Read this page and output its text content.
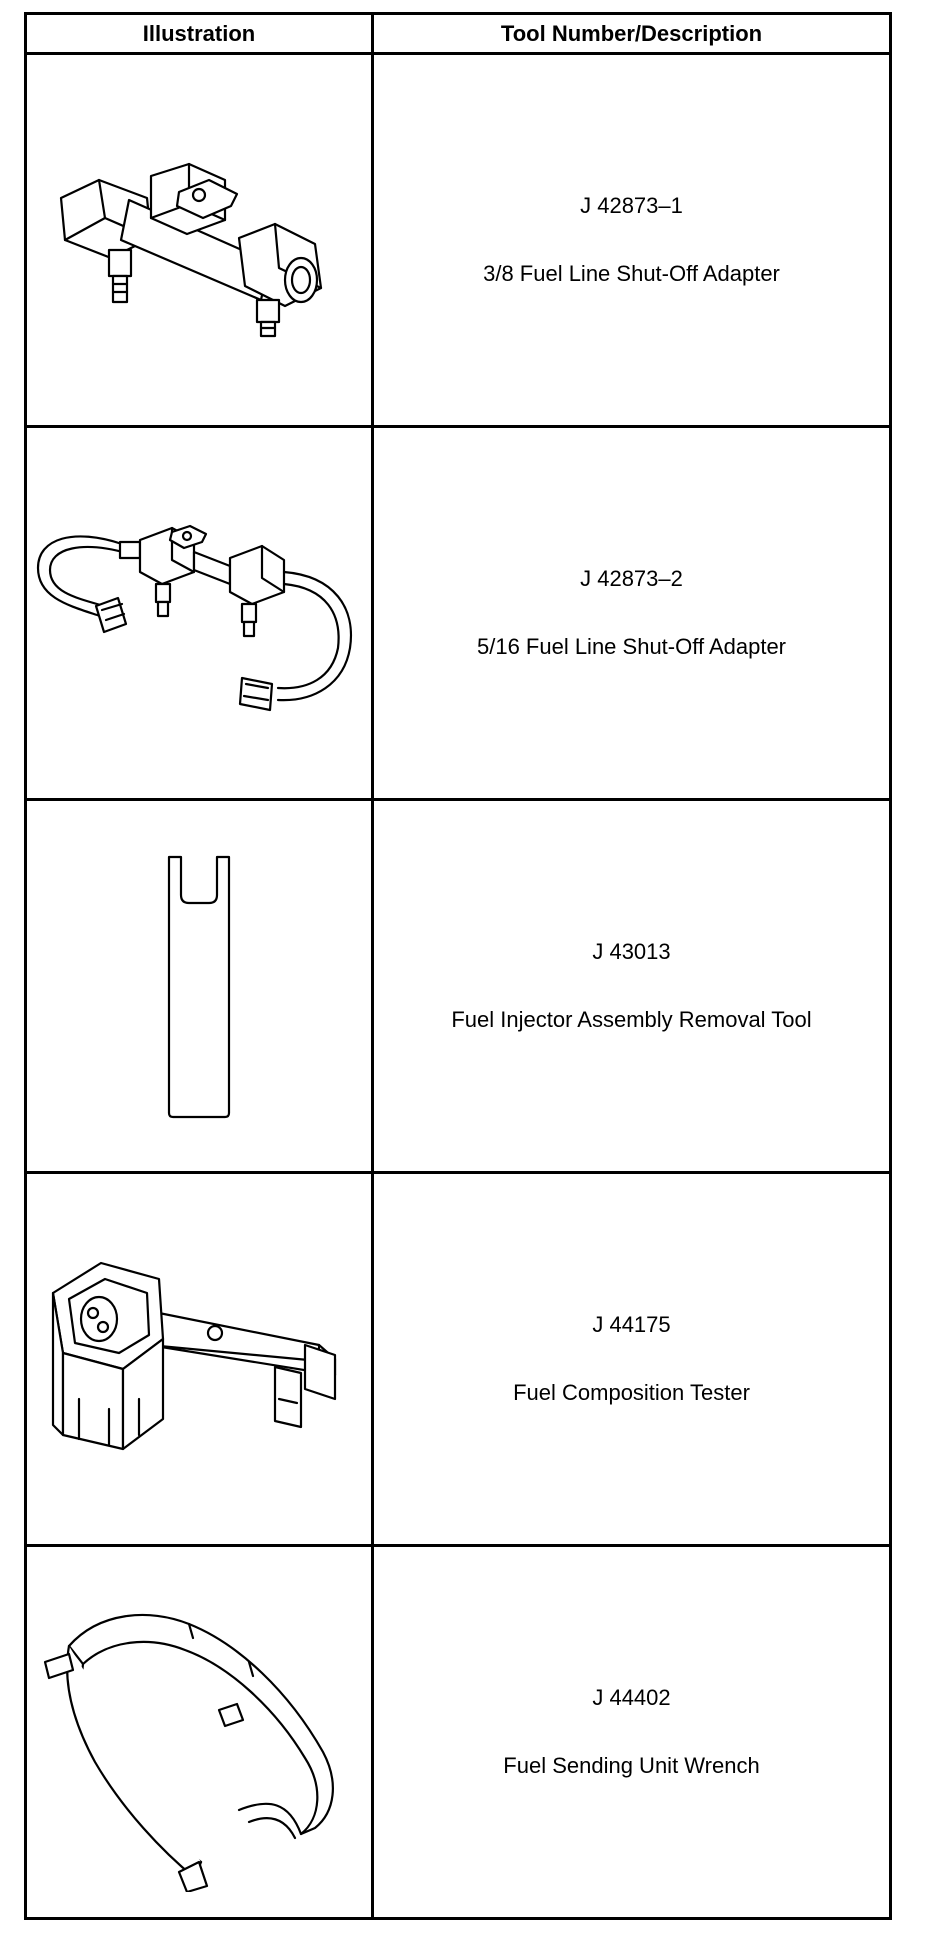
Illustration	Tool Number/Description

J 42873–1
3/8 Fuel Line Shut-Off Adapter

J 42873–2
5/16 Fuel Line Shut-Off Adapter

J 43013
Fuel Injector Assembly Removal Tool

J 44175
Fuel Composition Tester

J 44402
Fuel Sending Unit Wrench
